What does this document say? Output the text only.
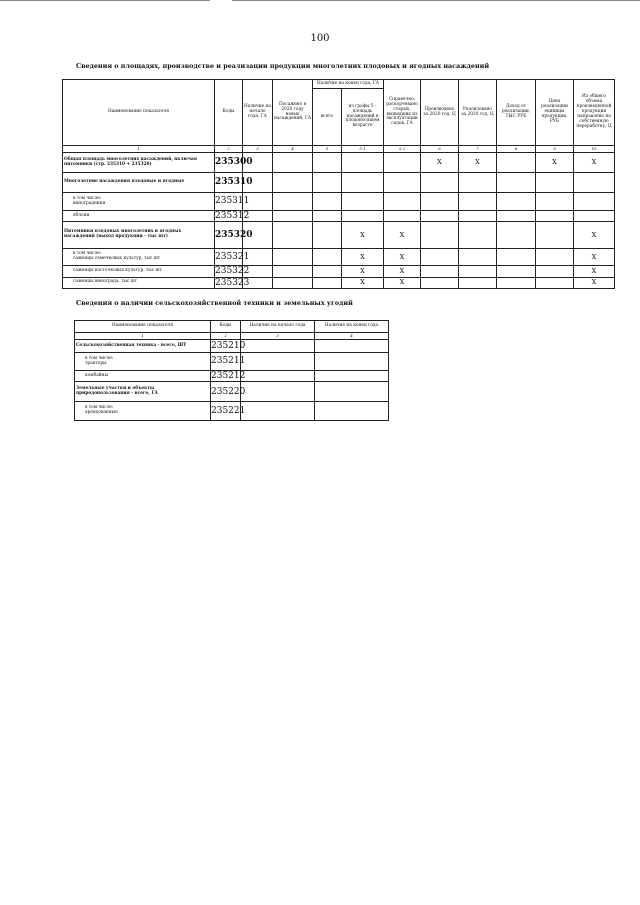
100
Сведения о площадях, производстве и реализации продукции многолетних плодовых и ягодных насаждений
Наименование показателя	Коды	Наличие на начало года, ГА	Посажено в 2020 году новых насаждений, ГА	Наличие на конец года, ГА		Справочно: раскорчевано старых, вышедших из эксплуатации садов, ГА	Производено за 2020 год, Ц	Реализовано за 2020 год, Ц	Доход от реализации, ТЫС РУБ	Цена реализации единицы продукции, РУБ	Из общего объема произведенной продукции направлено на собственную переработку, Ц
				всего	из графы 5 - площадь насаждений в плодоносящем возрасте						
1	2	3	4	5	5.1	5.2	6	7	8	9	10
Общая площадь многолетних насаждений, включая питомники (стр. 235310 + 235320)	235300						X	X		X	X
Многолетние насаждения плодовые и ягодные	235310										
в том числе:
виноградники	235311										
яблони	235312										
Питомники плодовых многолетних и ягодных насаждений (выход продукции - тыс шт)	235320				X	X					X
в том числе:
саженцы семечковых культур, тыс шт	235321				X	X					X
саженцы косточковых культур, тыс шт	235322				X	X					X
саженцы винограда, тыс шт	235323				X	X					X
Сведения о наличии сельскохозяйственной техники и земельных угодий
Наименование показателя	Коды	Наличие на начало года	Наличие на конец года
1	2	3	4
Сельскохозяйственная техника - всего, ШТ	235210		
в том числе:
тракторы	235211		
комбайны	235212		
Земельные участки и объекты природопользования - всего, ГА	235220		
в том числе:
арендованные	235221		
